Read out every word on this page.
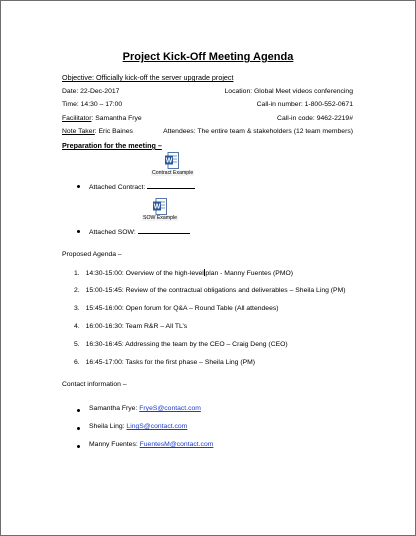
Project Kick-Off Meeting Agenda
Objective: Officially kick-off the server upgrade project
Date: 22-Dec-2017	Location: Global Meet videos conferencing
Time: 14:30 – 17:00	Call-in number: 1-800-552-0671
Facilitator: Samantha Frye	Call-in code: 9462-2219#
Note Taker: Eric Baines	Attendees: The entire team & stakeholders (12 team members)
Preparation for the meeting –
W
Contract Example
Attached Contract:
W
SOW Example
Attached SOW:
Proposed Agenda –
1. 14:30-15:00: Overview of the high-level plan - Manny Fuentes (PMO)
2. 15:00-15:45: Review of the contractual obligations and deliverables – Sheila Ling (PM)
3. 15:45-16:00: Open forum for Q&A – Round Table (All attendees)
4. 16:00-16:30: Team R&R – All TL’s
5. 16:30-16:45: Addressing the team by the CEO – Craig Deng (CEO)
6. 16:45-17:00: Tasks for the first phase – Sheila Ling (PM)
Contact information –
Samantha Frye: FryeS@contact.com
Sheila Ling: LingS@contact.com
Manny Fuentes: FuentesM@contact.com
